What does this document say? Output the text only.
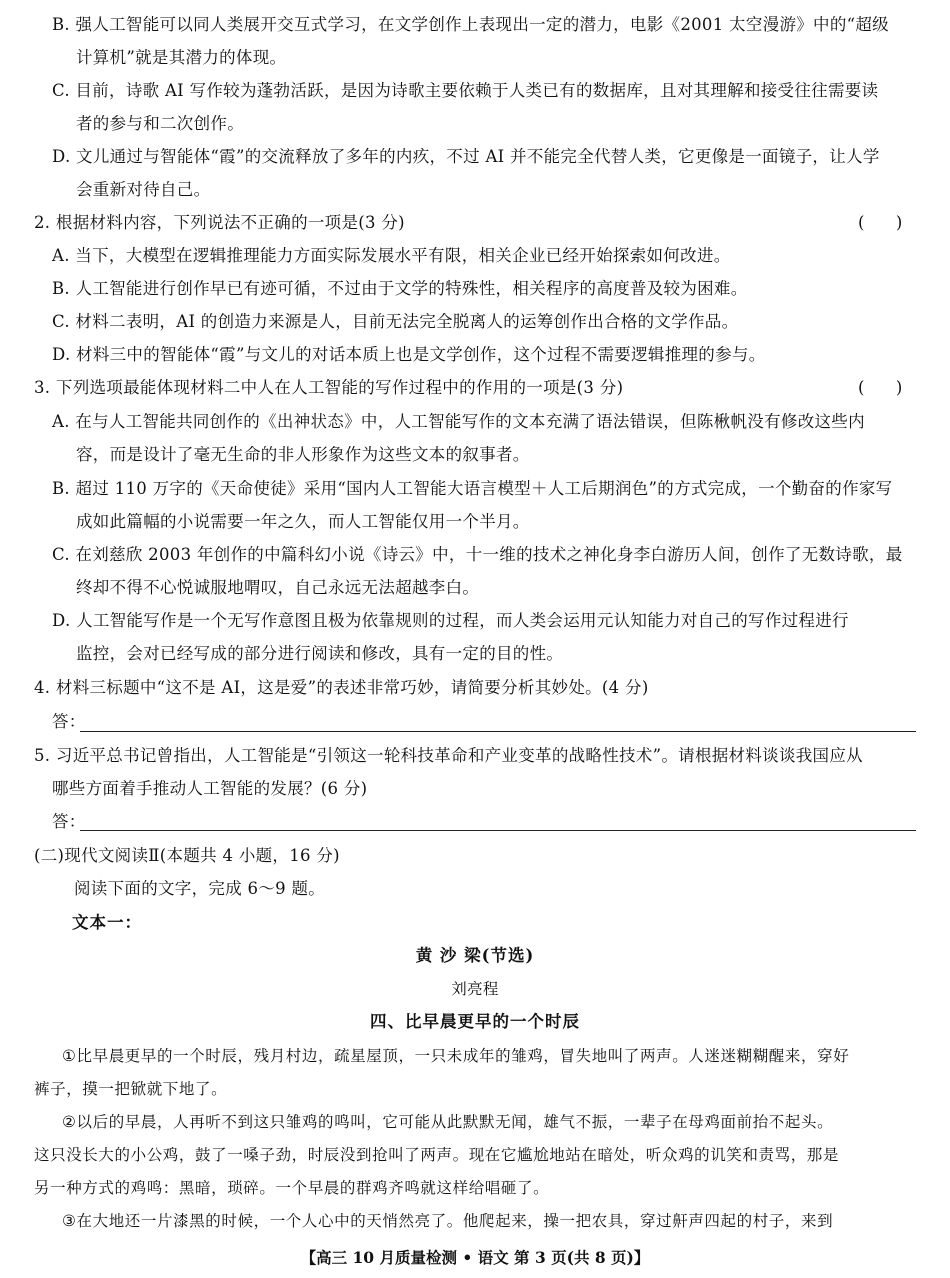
B. 强人工智能可以同人类展开交互式学习，在文学创作上表现出一定的潜力，电影《2001 太空漫游》中的“超级
计算机”就是其潜力的体现。
C. 目前，诗歌 AI 写作较为蓬勃活跃，是因为诗歌主要依赖于人类已有的数据库，且对其理解和接受往往需要读
者的参与和二次创作。
D. 文儿通过与智能体“霞”的交流释放了多年的内疚，不过 AI 并不能完全代替人类，它更像是一面镜子，让人学
会重新对待自己。
2. 根据材料内容，下列说法不正确的一项是(3 分)	(      )
A. 当下，大模型在逻辑推理能力方面实际发展水平有限，相关企业已经开始探索如何改进。
B. 人工智能进行创作早已有迹可循，不过由于文学的特殊性，相关程序的高度普及较为困难。
C. 材料二表明，AI 的创造力来源是人，目前无法完全脱离人的运筹创作出合格的文学作品。
D. 材料三中的智能体“霞”与文儿的对话本质上也是文学创作，这个过程不需要逻辑推理的参与。
3. 下列选项最能体现材料二中人在人工智能的写作过程中的作用的一项是(3 分)	(      )
A. 在与人工智能共同创作的《出神状态》中，人工智能写作的文本充满了语法错误，但陈楸帆没有修改这些内
容，而是设计了毫无生命的非人形象作为这些文本的叙事者。
B. 超过 110 万字的《天命使徒》采用“国内人工智能大语言模型＋人工后期润色”的方式完成，一个勤奋的作家写
成如此篇幅的小说需要一年之久，而人工智能仅用一个半月。
C. 在刘慈欣 2003 年创作的中篇科幻小说《诗云》中，十一维的技术之神化身李白游历人间，创作了无数诗歌，最
终却不得不心悦诚服地喟叹，自己永远无法超越李白。
D. 人工智能写作是一个无写作意图且极为依靠规则的过程，而人类会运用元认知能力对自己的写作过程进行
监控，会对已经写成的部分进行阅读和修改，具有一定的目的性。
4. 材料三标题中“这不是 AI，这是爱”的表述非常巧妙，请简要分析其妙处。(4 分)
答：
5. 习近平总书记曾指出，人工智能是“引领这一轮科技革命和产业变革的战略性技术”。请根据材料谈谈我国应从
哪些方面着手推动人工智能的发展？(6 分)
答：
(二)现代文阅读Ⅱ(本题共 4 小题，16 分)
阅读下面的文字，完成 6～9 题。
文本一：
黄 沙 梁(节选)
刘亮程
四、比早晨更早的一个时辰
①比早晨更早的一个时辰，残月村边，疏星屋顶，一只未成年的雏鸡，冒失地叫了两声。人迷迷糊糊醒来，穿好
裤子，摸一把锨就下地了。
②以后的早晨，人再听不到这只雏鸡的鸣叫，它可能从此默默无闻，雄气不振，一辈子在母鸡面前抬不起头。
这只没长大的小公鸡，鼓了一嗓子劲，时辰没到抢叫了两声。现在它尴尬地站在暗处，听众鸡的讥笑和责骂，那是
另一种方式的鸡鸣：黑暗，琐碎。一个早晨的群鸡齐鸣就这样给唱砸了。
③在大地还一片漆黑的时候，一个人心中的天悄然亮了。他爬起来，操一把农具，穿过鼾声四起的村子，来到
【高三 10 月质量检测 • 语文 第 3 页(共 8 页)】
